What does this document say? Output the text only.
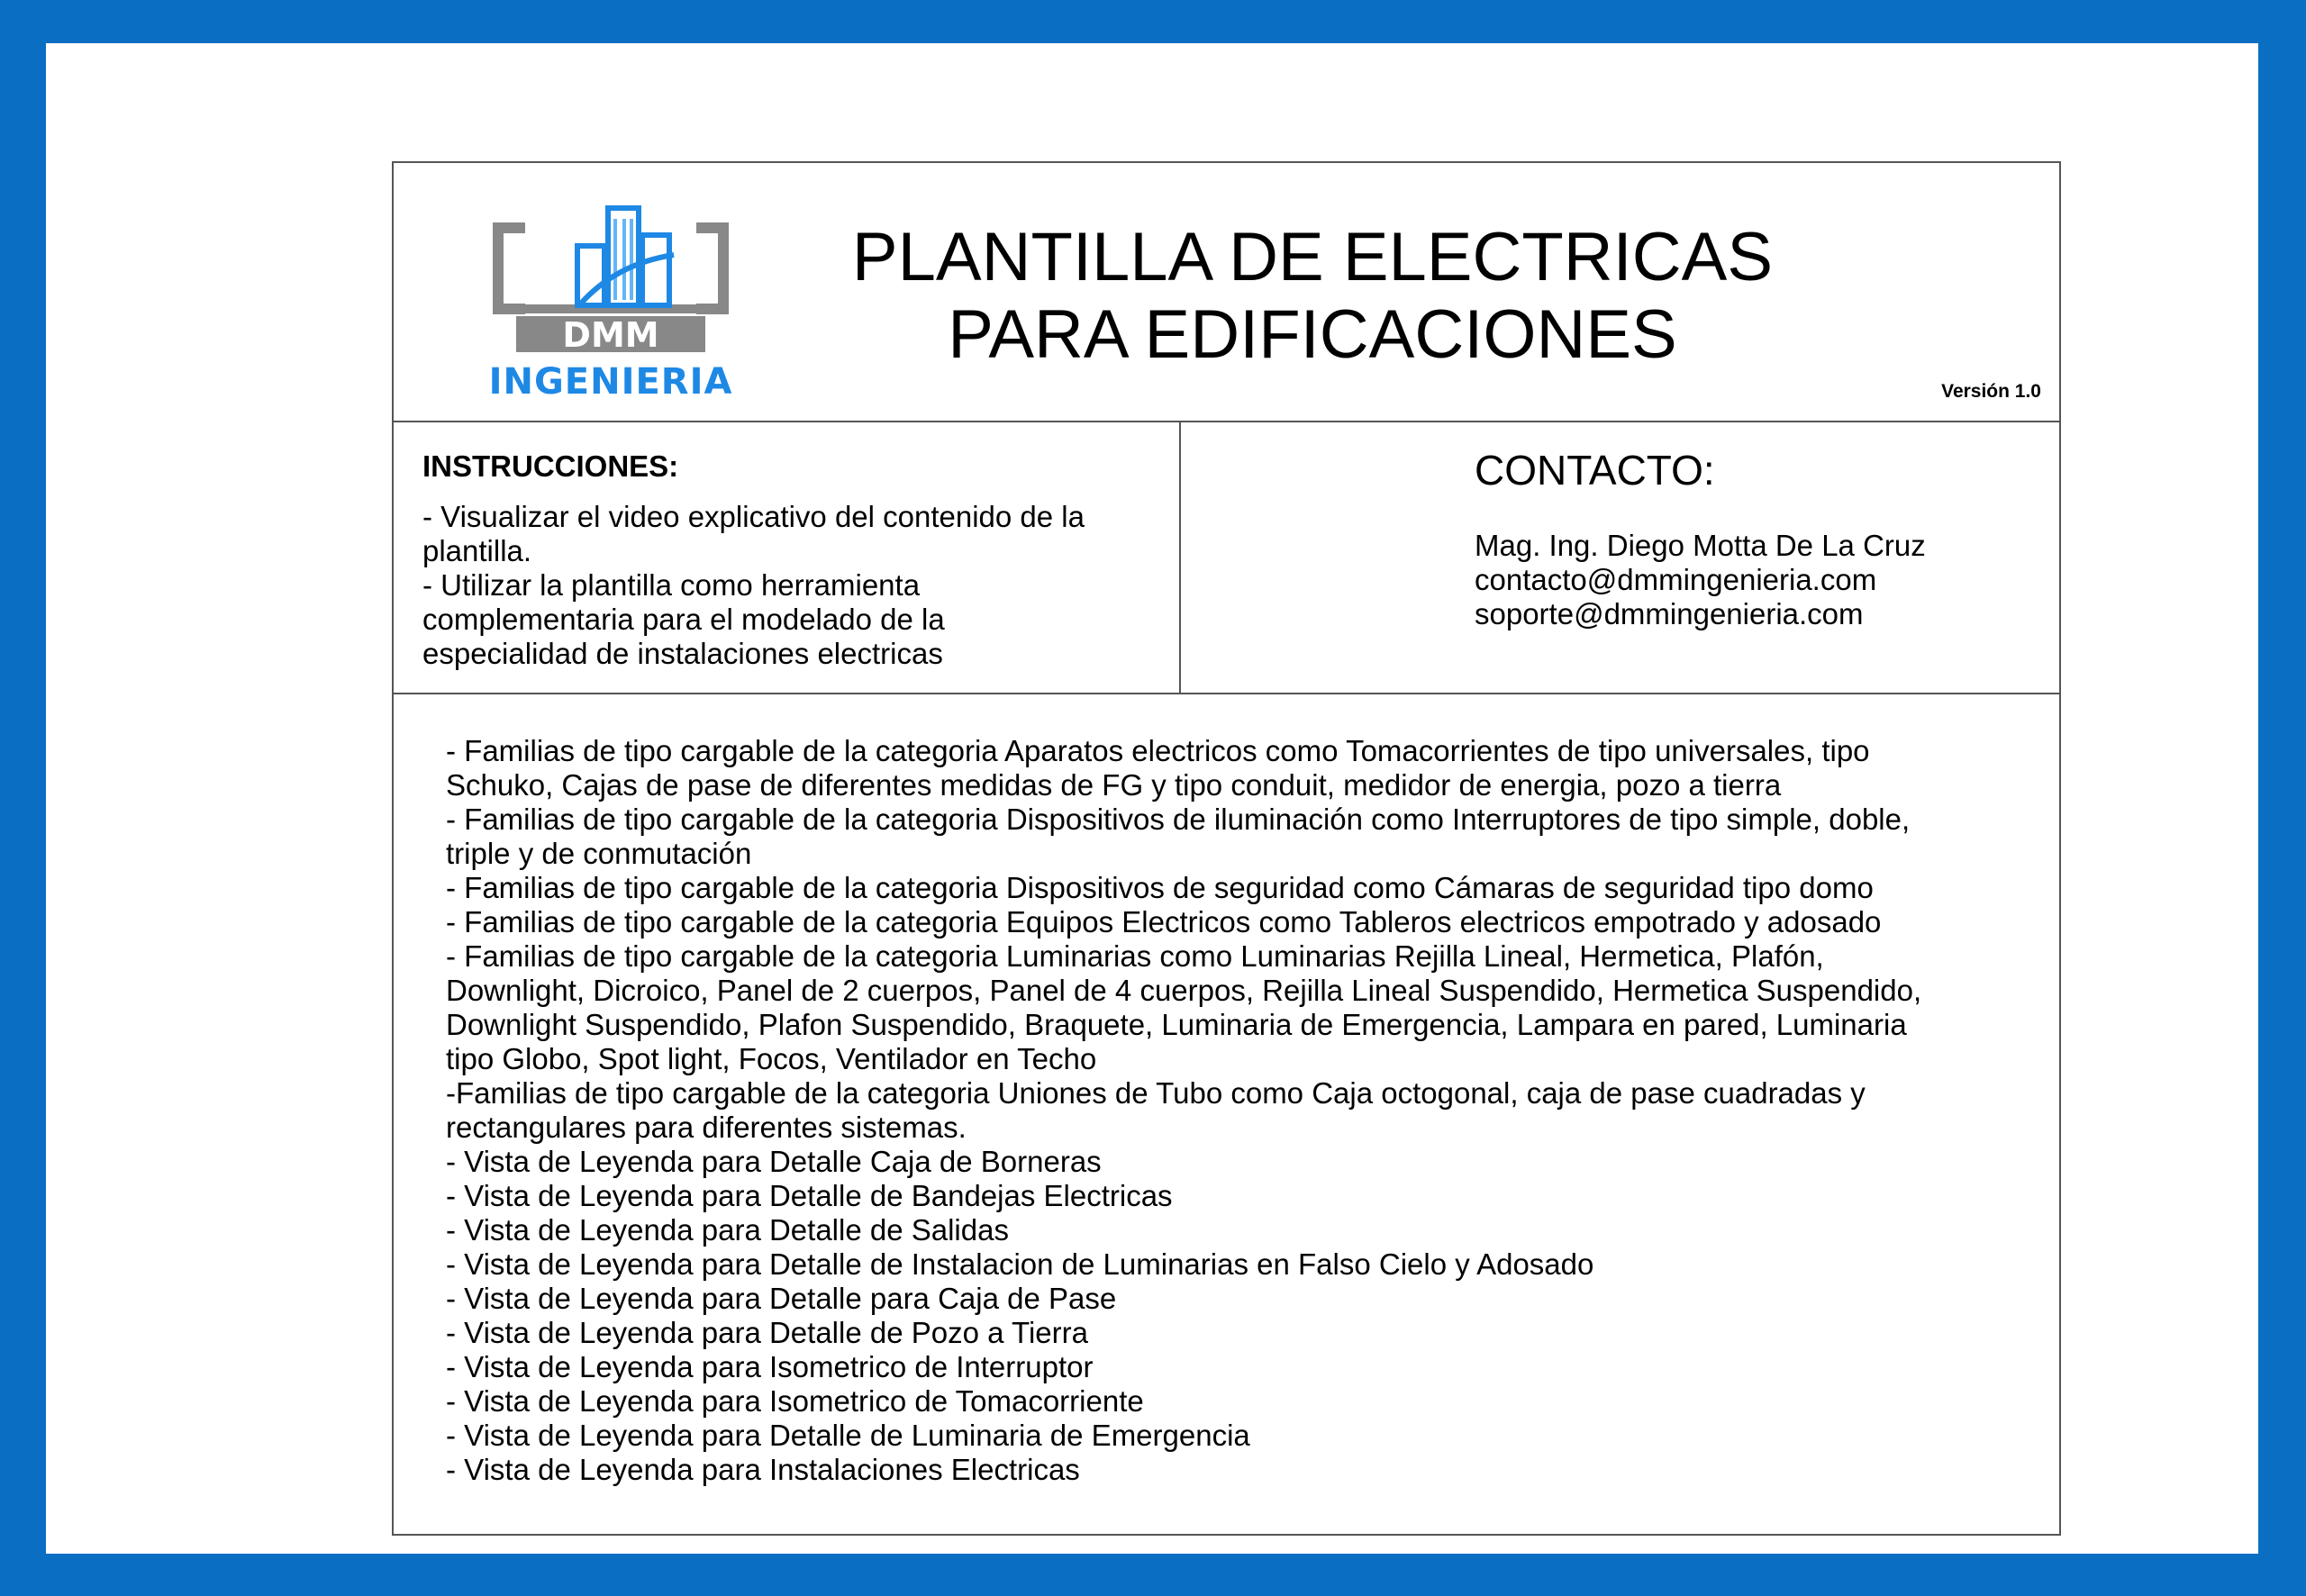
DMM
INGENIERIA
PLANTILLA DE ELECTRICAS
PARA EDIFICACIONES
Versión 1.0
INSTRUCCIONES:
- Visualizar el video explicativo del contenido de la
plantilla.
- Utilizar la plantilla como herramienta
complementaria para el modelado de la
especialidad de instalaciones electricas
CONTACTO:
Mag. Ing. Diego Motta De La Cruz
contacto@dmmingenieria.com
soporte@dmmingenieria.com
- Familias de tipo cargable de la categoria Aparatos electricos como Tomacorrientes de tipo universales, tipo
Schuko, Cajas de pase de diferentes medidas de FG y tipo conduit, medidor de energia, pozo a tierra
- Familias de tipo cargable de la categoria Dispositivos de iluminación como Interruptores de tipo simple, doble,
triple y de conmutación
- Familias de tipo cargable de la categoria Dispositivos de seguridad como Cámaras de seguridad tipo domo
- Familias de tipo cargable de la categoria Equipos Electricos como Tableros electricos empotrado y adosado
- Familias de tipo cargable de la categoria Luminarias como Luminarias Rejilla Lineal, Hermetica, Plafón,
Downlight, Dicroico, Panel de 2 cuerpos, Panel de 4 cuerpos, Rejilla Lineal Suspendido, Hermetica Suspendido,
Downlight Suspendido, Plafon Suspendido, Braquete, Luminaria de Emergencia, Lampara en pared, Luminaria
tipo Globo, Spot light, Focos, Ventilador en Techo
-Familias de tipo cargable de la categoria Uniones de Tubo como Caja octogonal, caja de pase cuadradas y
rectangulares para diferentes sistemas.
- Vista de Leyenda para Detalle Caja de Borneras
- Vista de Leyenda para Detalle de Bandejas Electricas
- Vista de Leyenda para Detalle de Salidas
- Vista de Leyenda para Detalle de Instalacion de Luminarias en Falso Cielo y Adosado
- Vista de Leyenda para Detalle para Caja de Pase
- Vista de Leyenda para Detalle de Pozo a Tierra
- Vista de Leyenda para Isometrico de Interruptor
- Vista de Leyenda para Isometrico de Tomacorriente
- Vista de Leyenda para Detalle de Luminaria de Emergencia
- Vista de Leyenda para Instalaciones Electricas
